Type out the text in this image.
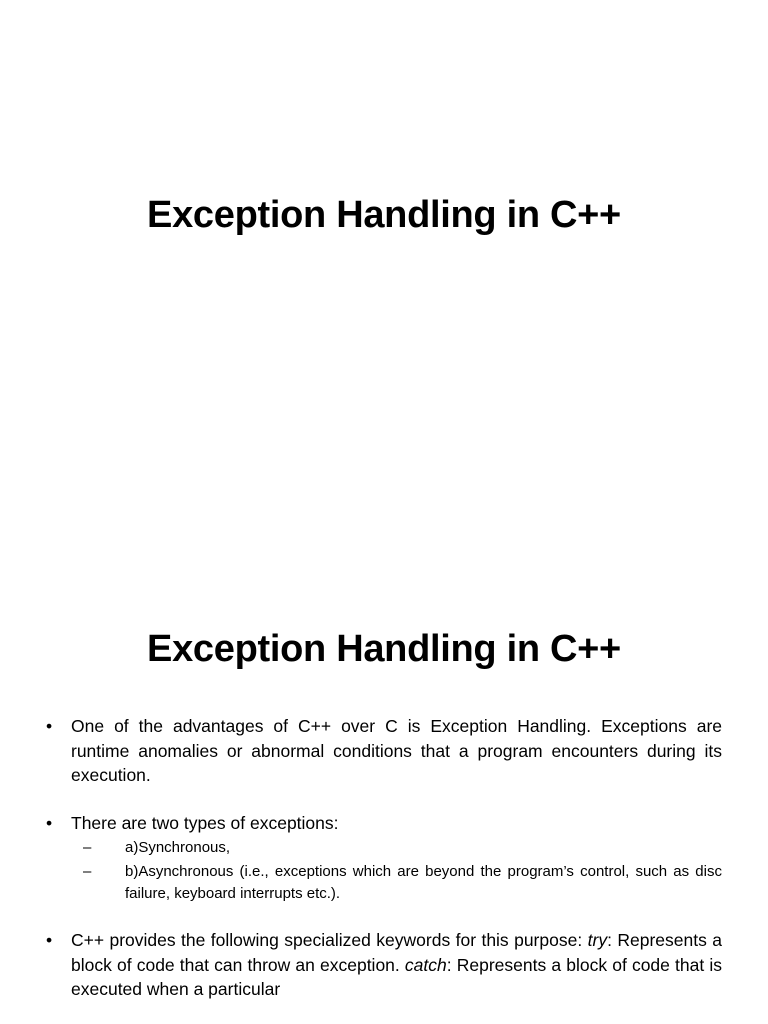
Exception Handling in C++
Exception Handling in C++
•	One of the advantages of C++ over C is Exception Handling. Exceptions are runtime anomalies or abnormal conditions that a program encounters during its execution.
•	There are two types of exceptions:
– a)Synchronous,
– b)Asynchronous (i.e., exceptions which are beyond the program’s control, such as disc failure, keyboard interrupts etc.).
•	C++ provides the following specialized keywords for this purpose: try: Represents a block of code that can throw an exception. catch: Represents a block of code that is executed when a particular
